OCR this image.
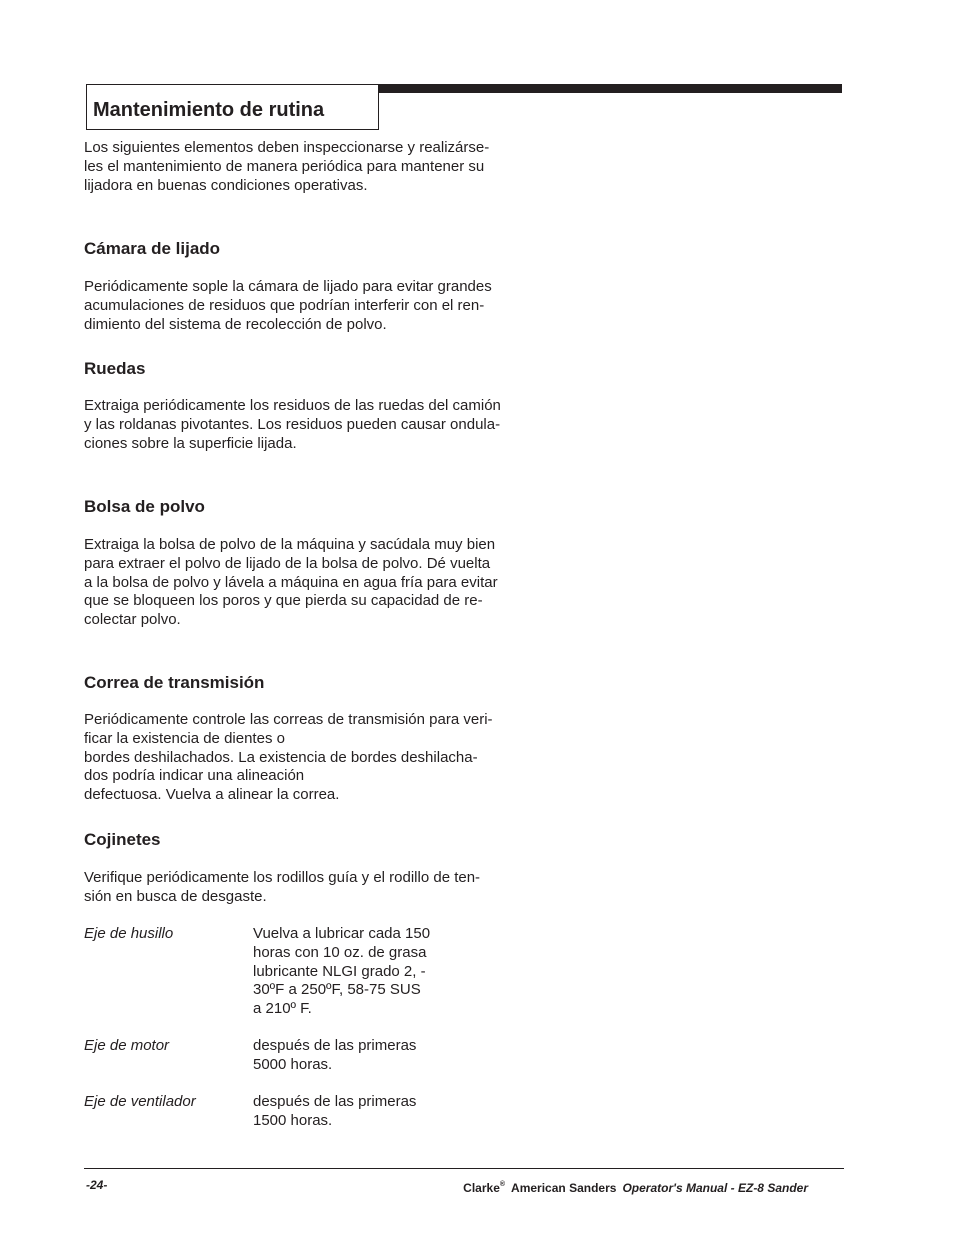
Mantenimiento de rutina
Los siguientes elementos deben inspeccionarse y realizárse-
les el mantenimiento de manera periódica para mantener su
lijadora en buenas condiciones operativas.
Cámara de lijado
Periódicamente sople la cámara de lijado para evitar grandes
acumulaciones de residuos que podrían interferir con el ren-
dimiento del sistema de recolección de polvo.
Ruedas
Extraiga periódicamente los residuos de las ruedas del camión
y las roldanas pivotantes. Los residuos pueden causar ondula-
ciones sobre la superficie lijada.
Bolsa de polvo
Extraiga la bolsa de polvo de la máquina y sacúdala muy bien
para extraer el polvo de lijado de la bolsa de polvo. Dé vuelta
a la bolsa de polvo y lávela a máquina en agua fría para evitar
que se bloqueen los poros y que pierda su capacidad de re-
colectar polvo.
Correa de transmisión
Periódicamente controle las correas de transmisión para veri-
ficar la existencia de dientes o
bordes deshilachados. La existencia de bordes deshilacha-
dos podría indicar una alineación
defectuosa. Vuelva a alinear la correa.
Cojinetes
Verifique periódicamente los rodillos guía y el rodillo de ten-
sión en busca de desgaste.

Eje de husillo	Vuelva a lubricar cada 150
horas con 10 oz. de grasa
lubricante NLGI grado 2, -
30ºF a 250ºF, 58-75 SUS
a 210º F.

Eje de motor	después de las primeras
5000 horas.

Eje de ventilador	después de las primeras
1500 horas.
-24-	Clarke® American Sanders Operator's Manual - EZ-8 Sander
